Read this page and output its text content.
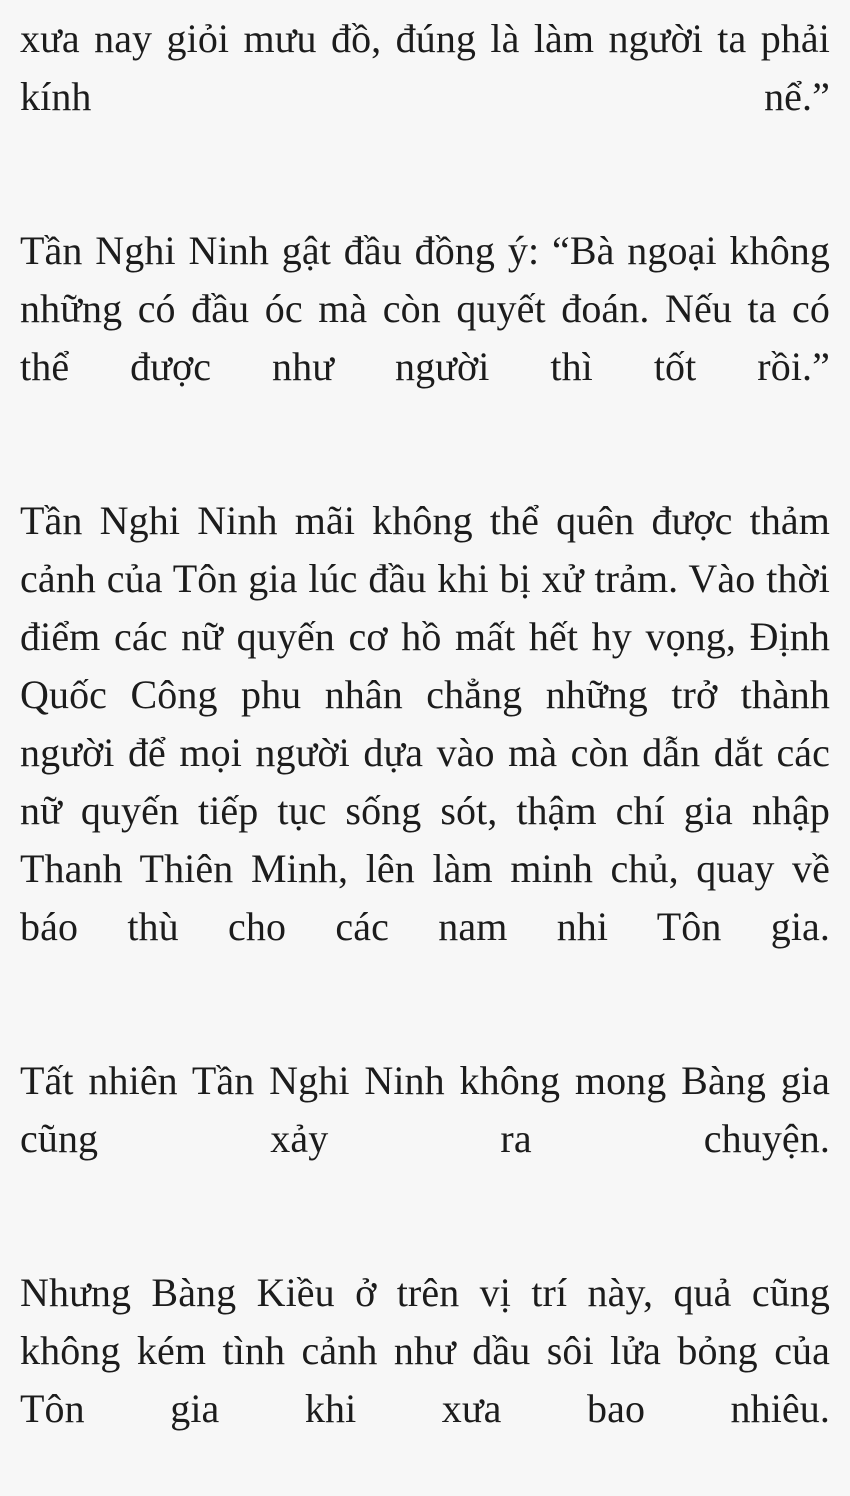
xưa nay giỏi mưu đồ, đúng là làm người ta phải kính nể.”

Tần Nghi Ninh gật đầu đồng ý: “Bà ngoại không những có đầu óc mà còn quyết đoán. Nếu ta có thể được như người thì tốt rồi.”

Tần Nghi Ninh mãi không thể quên được thảm cảnh của Tôn gia lúc đầu khi bị xử trảm. Vào thời điểm các nữ quyến cơ hồ mất hết hy vọng, Định Quốc Công phu nhân chẳng những trở thành người để mọi người dựa vào mà còn dẫn dắt các nữ quyến tiếp tục sống sót, thậm chí gia nhập Thanh Thiên Minh, lên làm minh chủ, quay về báo thù cho các nam nhi Tôn gia.

Tất nhiên Tần Nghi Ninh không mong Bàng gia cũng xảy ra chuyện.

Nhưng Bàng Kiều ở trên vị trí này, quả cũng không kém tình cảnh như dầu sôi lửa bỏng của Tôn gia khi xưa bao nhiêu.
